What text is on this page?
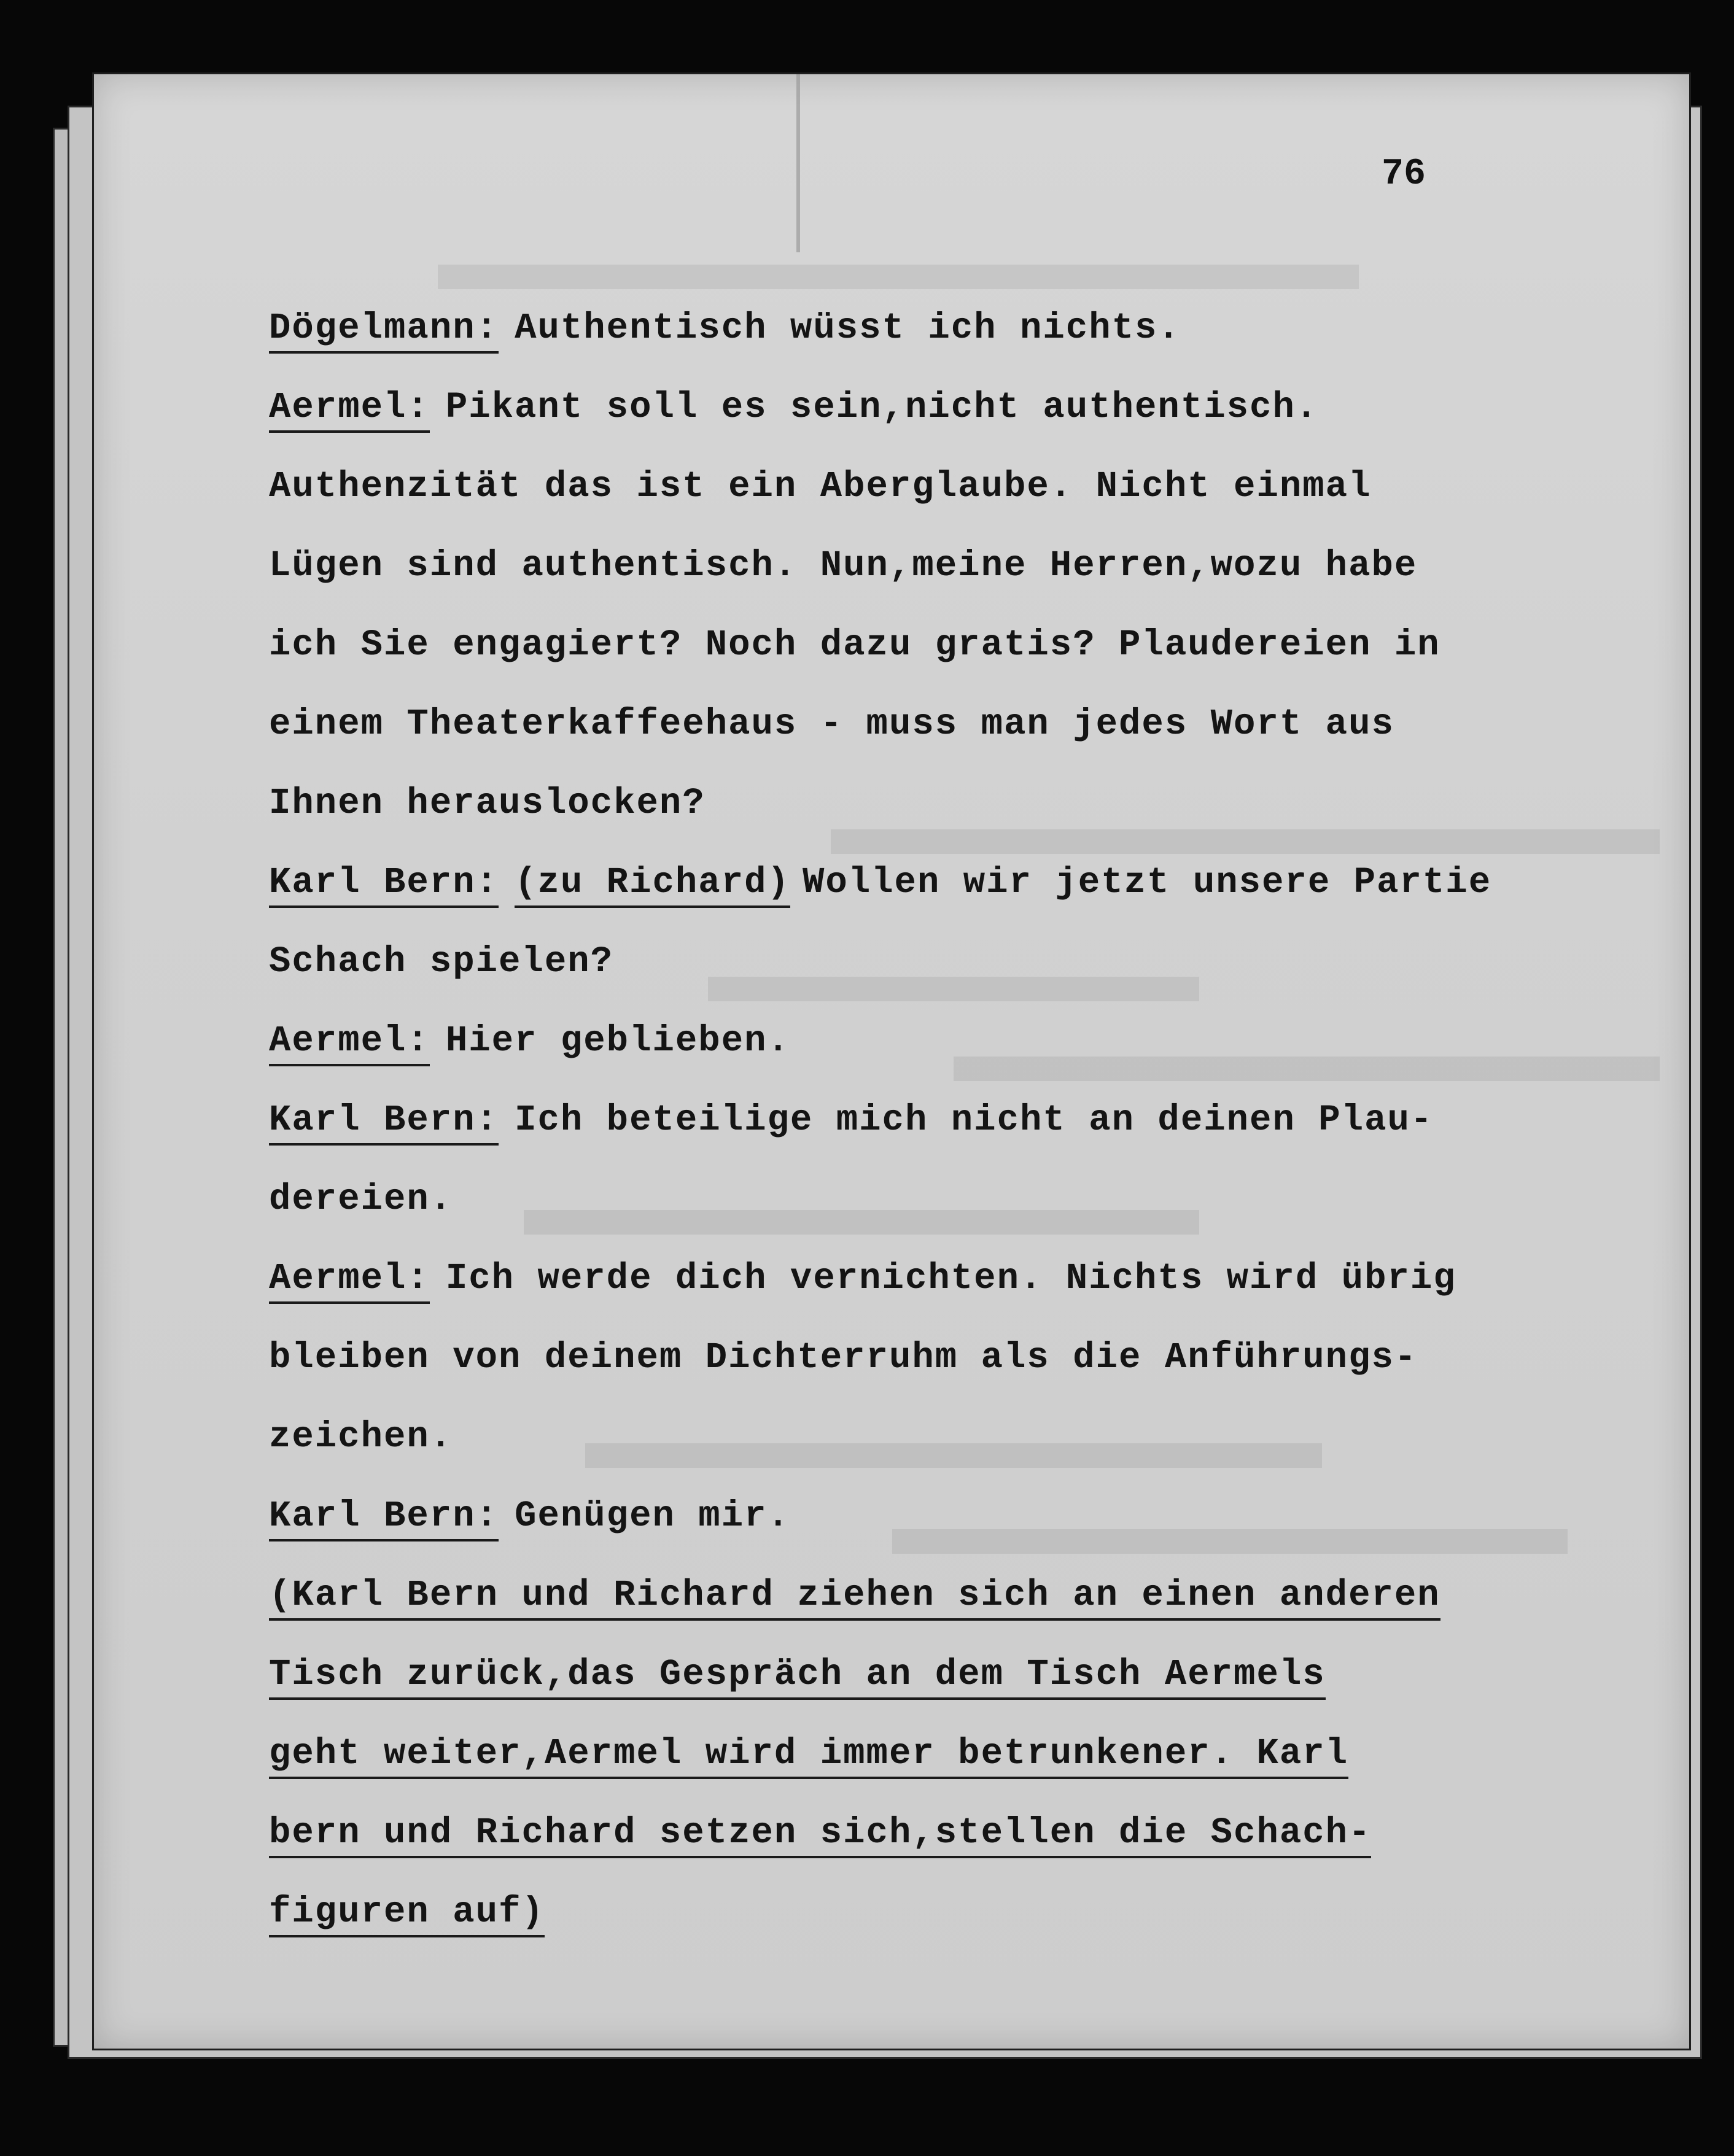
76
Dögelmann: Authentisch wüsst ich nichts.
Aermel: Pikant soll es sein,nicht authentisch.
Authenzität das ist ein Aberglaube. Nicht einmal
Lügen sind authentisch. Nun,meine Herren,wozu habe
ich Sie engagiert? Noch dazu gratis? Plaudereien in
einem Theaterkaffeehaus - muss man jedes Wort aus
Ihnen herauslocken?
Karl Bern: (zu Richard) Wollen wir jetzt unsere Partie
Schach spielen?
Aermel: Hier geblieben.
Karl Bern: Ich beteilige mich nicht an deinen Plau-
dereien.
Aermel: Ich werde dich vernichten. Nichts wird übrig
bleiben von deinem Dichterruhm als die Anführungs-
zeichen.
Karl Bern: Genügen mir.
(Karl Bern und Richard ziehen sich an einen anderen
Tisch zurück,das Gespräch an dem Tisch Aermels
geht weiter,Aermel wird immer betrunkener. Karl
bern und Richard setzen sich,stellen die Schach-
figuren auf)
